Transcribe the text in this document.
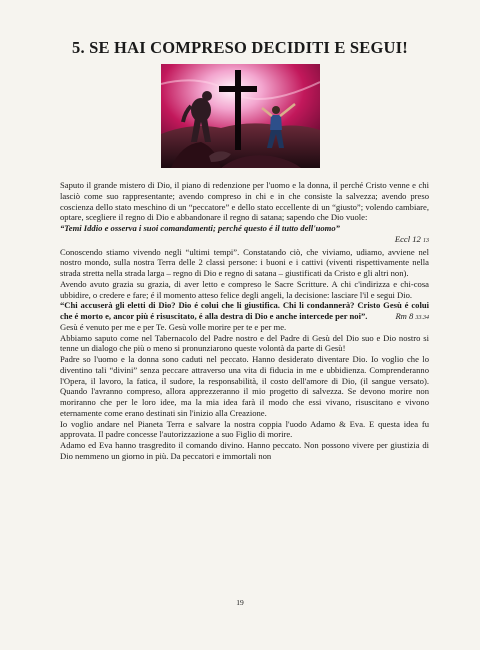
5. SE HAI COMPRESO DECIDITI E SEGUI!

Saputo il grande mistero di Dio, il piano di redenzione per l'uomo e la donna, il perché Cristo venne e chi lasciò come suo rappresentante; avendo compreso in chi e in che consiste la salvezza; avendo preso coscienza dello stato meschino di un “peccatore” e dello stato eccellente di un “giusto”; volendo cambiare, optare, scegliere il regno di Dio e abbandonare il regno di satana; sapendo che Dio vuole:

“Temi Iddio e osserva i suoi comandamenti; perché questo é il tutto dell'uomo”

Eccl 12 13

Conoscendo stiamo vivendo negli “ultimi tempi”. Constatando ciò, che viviamo, udiamo, avviene nel nostro mondo, sulla nostra Terra delle 2 classi persone: i buoni e i cattivi (viventi rispettivamente nella strada stretta nella strada larga – regno di Dio e regno di satana – giustificati da Cristo e gli altri non).

Avendo avuto grazia su grazia, di aver letto e compreso le Sacre Scritture. A chi c'indirizza e chi-cosa ubbidire, o credere e fare; é il momento atteso felice degli angeli, la decisione: lasciare l'il e segui Dio.

“Chi accuserà gli eletti di Dio? Dio é colui che li giustifica. Chi li condannerà? Cristo Gesù é colui che é morto e, ancor più é risuscitato, é alla destra di Dio e anche intercede per noi”.	Rm 8 33.34

Gesù é venuto per me e per Te. Gesù volle morire per te e per me.

Abbiamo saputo come nel Tabernacolo del Padre nostro e del Padre di Gesù del Dio suo e Dio nostro si tenne un dialogo che più o meno si pronunziarono queste volontà da parte di Gesù!

Padre so l'uomo e la donna sono caduti nel peccato. Hanno desiderato diventare Dio. Io voglio che lo diventino tali “divini” senza peccare attraverso una vita di fiducia in me e ubbidienza. Comprenderanno l'Opera, il lavoro, la fatica, il sudore, la responsabilità, il costo dell'amore di Dio, (il sangue versato). Quando l'avranno compreso, allora apprezzeranno il mio progetto di salvezza. Se devono morire non moriranno che per le loro idee, ma la mia idea farà il modo che essi vivano, risuscitano e vivono eternamente come erano destinati sin l'inizio alla Creazione.

Io voglio andare nel Pianeta Terra e salvare la nostra coppia l'uodo Adamo & Eva. E questa idea fu approvata. Il padre concesse l'autorizzazione a suo Figlio di morire.

Adamo ed Eva hanno trasgredito il comando divino. Hanno peccato. Non possono vivere per giustizia di Dio nemmeno un giorno in più. Da peccatori e immortali non

19
